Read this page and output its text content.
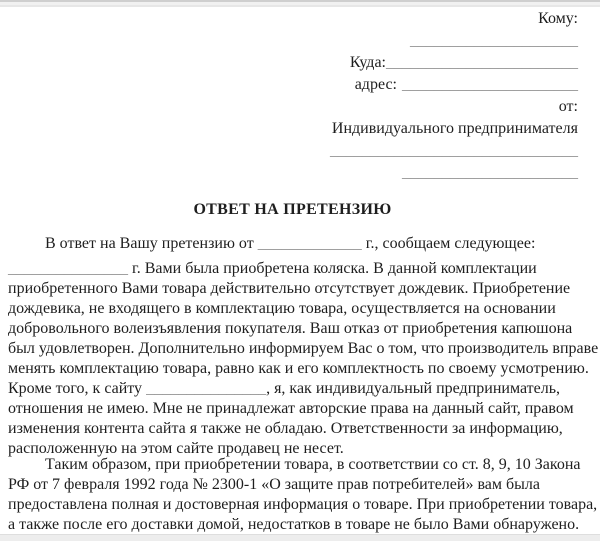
Кому:
_____________________
Куда:________________________
адрес: ______________________
от:
Индивидуального предпринимателя
_______________________________
______________________
ОТВЕТ НА ПРЕТЕНЗИЮ
В ответ на Вашу претензию от _____________ г., сообщаем следующее:
_______________ г. Вами была приобретена коляска. В данной комплектации
приобретенного Вами товара действительно отсутствует дождевик. Приобретение
дождевика, не входящего в комплектацию товара, осуществляется на основании
добровольного волеизъявления покупателя. Ваш отказ от приобретения капюшона
был удовлетворен. Дополнительно информируем Вас о том, что производитель вправе
менять комплектацию товара, равно как и его комплектность по своему усмотрению.
Кроме того, к сайту _______________, я, как индивидуальный предприниматель,
отношения не имею. Мне не принадлежат авторские права на данный сайт, правом
изменения контента сайта я также не обладаю. Ответственности за информацию,
расположенную на этом сайте продавец не несет.
Таким образом, при приобретении товара, в соответствии со ст. 8, 9, 10 Закона
РФ от 7 февраля 1992 года № 2300-1 «О защите прав потребителей» вам была
предоставлена полная и достоверная информация о товаре. При приобретении товара,
а также после его доставки домой, недостатков в товаре не было Вами обнаружено.
